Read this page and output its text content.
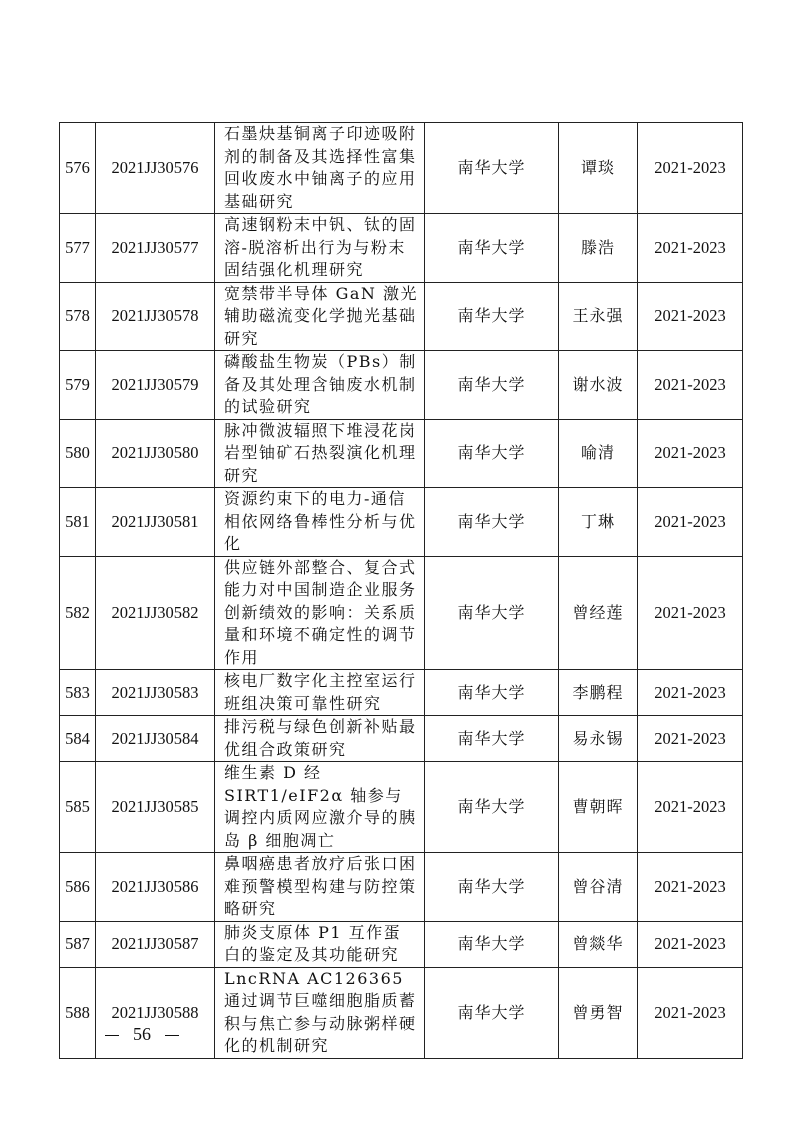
576	2021JJ30576	石墨炔基铜离子印迹吸附剂的制备及其选择性富集回收废水中铀离子的应用基础研究	南华大学	谭琰	2021-2023
577	2021JJ30577	高速钢粉末中钒、钛的固溶-脱溶析出行为与粉末固结强化机理研究	南华大学	滕浩	2021-2023
578	2021JJ30578	宽禁带半导体 GaN 激光辅助磁流变化学抛光基础研究	南华大学	王永强	2021-2023
579	2021JJ30579	磷酸盐生物炭（PBs）制备及其处理含铀废水机制的试验研究	南华大学	谢水波	2021-2023
580	2021JJ30580	脉冲微波辐照下堆浸花岗岩型铀矿石热裂演化机理研究	南华大学	喻清	2021-2023
581	2021JJ30581	资源约束下的电力-通信相依网络鲁棒性分析与优化	南华大学	丁琳	2021-2023
582	2021JJ30582	供应链外部整合、复合式能力对中国制造企业服务创新绩效的影响：关系质量和环境不确定性的调节作用	南华大学	曾经莲	2021-2023
583	2021JJ30583	核电厂数字化主控室运行班组决策可靠性研究	南华大学	李鹏程	2021-2023
584	2021JJ30584	排污税与绿色创新补贴最优组合政策研究	南华大学	易永锡	2021-2023
585	2021JJ30585	维生素 D 经 SIRT1/eIF2α 轴参与调控内质网应激介导的胰岛 β 细胞凋亡	南华大学	曹朝晖	2021-2023
586	2021JJ30586	鼻咽癌患者放疗后张口困难预警模型构建与防控策略研究	南华大学	曾谷清	2021-2023
587	2021JJ30587	肺炎支原体 P1 互作蛋白的鉴定及其功能研究	南华大学	曾燚华	2021-2023
588	2021JJ30588	LncRNA AC126365 通过调节巨噬细胞脂质蓄积与焦亡参与动脉粥样硬化的机制研究	南华大学	曾勇智	2021-2023
56
